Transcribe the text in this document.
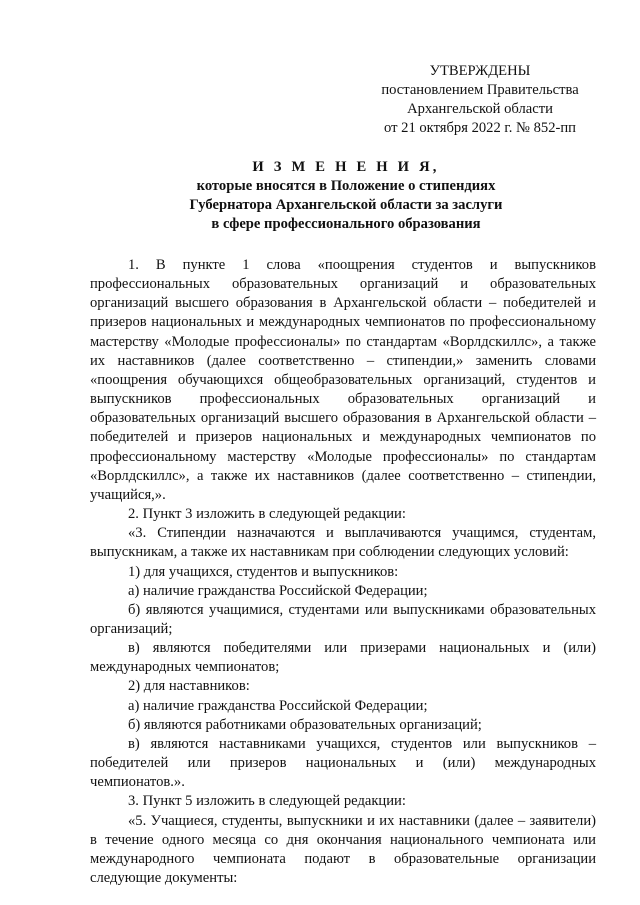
УТВЕРЖДЕНЫ
постановлением Правительства
Архангельской области
от 21 октября 2022 г. № 852-пп
И З М Е Н Е Н И Я,
которые вносятся в Положение о стипендиях
Губернатора Архангельской области за заслуги
в сфере профессионального образования

1. В пункте 1 слова «поощрения студентов и выпускников профессиональных образовательных организаций и образовательных организаций высшего образования в Архангельской области – победителей и призеров национальных и международных чемпионатов по профессиональному мастерству «Молодые профессионалы» по стандартам «Ворлдскиллс», а также их наставников (далее соответственно – стипендии,» заменить словами «поощрения обучающихся общеобразовательных организаций, студентов и выпускников профессиональных образовательных организаций и образовательных организаций высшего образования в Архангельской области – победителей и призеров национальных и международных чемпионатов по профессиональному мастерству «Молодые профессионалы» по стандартам «Ворлдскиллс», а также их наставников (далее соответственно – стипендии, учащийся,».

2. Пункт 3 изложить в следующей редакции:

«3. Стипендии назначаются и выплачиваются учащимся, студентам, выпускникам, а также их наставникам при соблюдении следующих условий:

1) для учащихся, студентов и выпускников:

а) наличие гражданства Российской Федерации;

б) являются учащимися, студентами или выпускниками образовательных организаций;

в) являются победителями или призерами национальных и (или) международных чемпионатов;

2) для наставников:

а) наличие гражданства Российской Федерации;

б) являются работниками образовательных организаций;

в) являются наставниками учащихся, студентов или выпускников – победителей или призеров национальных и (или) международных чемпионатов.».

3. Пункт 5 изложить в следующей редакции:

«5. Учащиеся, студенты, выпускники и их наставники (далее – заявители) в течение одного месяца со дня окончания национального чемпионата или международного чемпионата подают в образовательные организации следующие документы:
